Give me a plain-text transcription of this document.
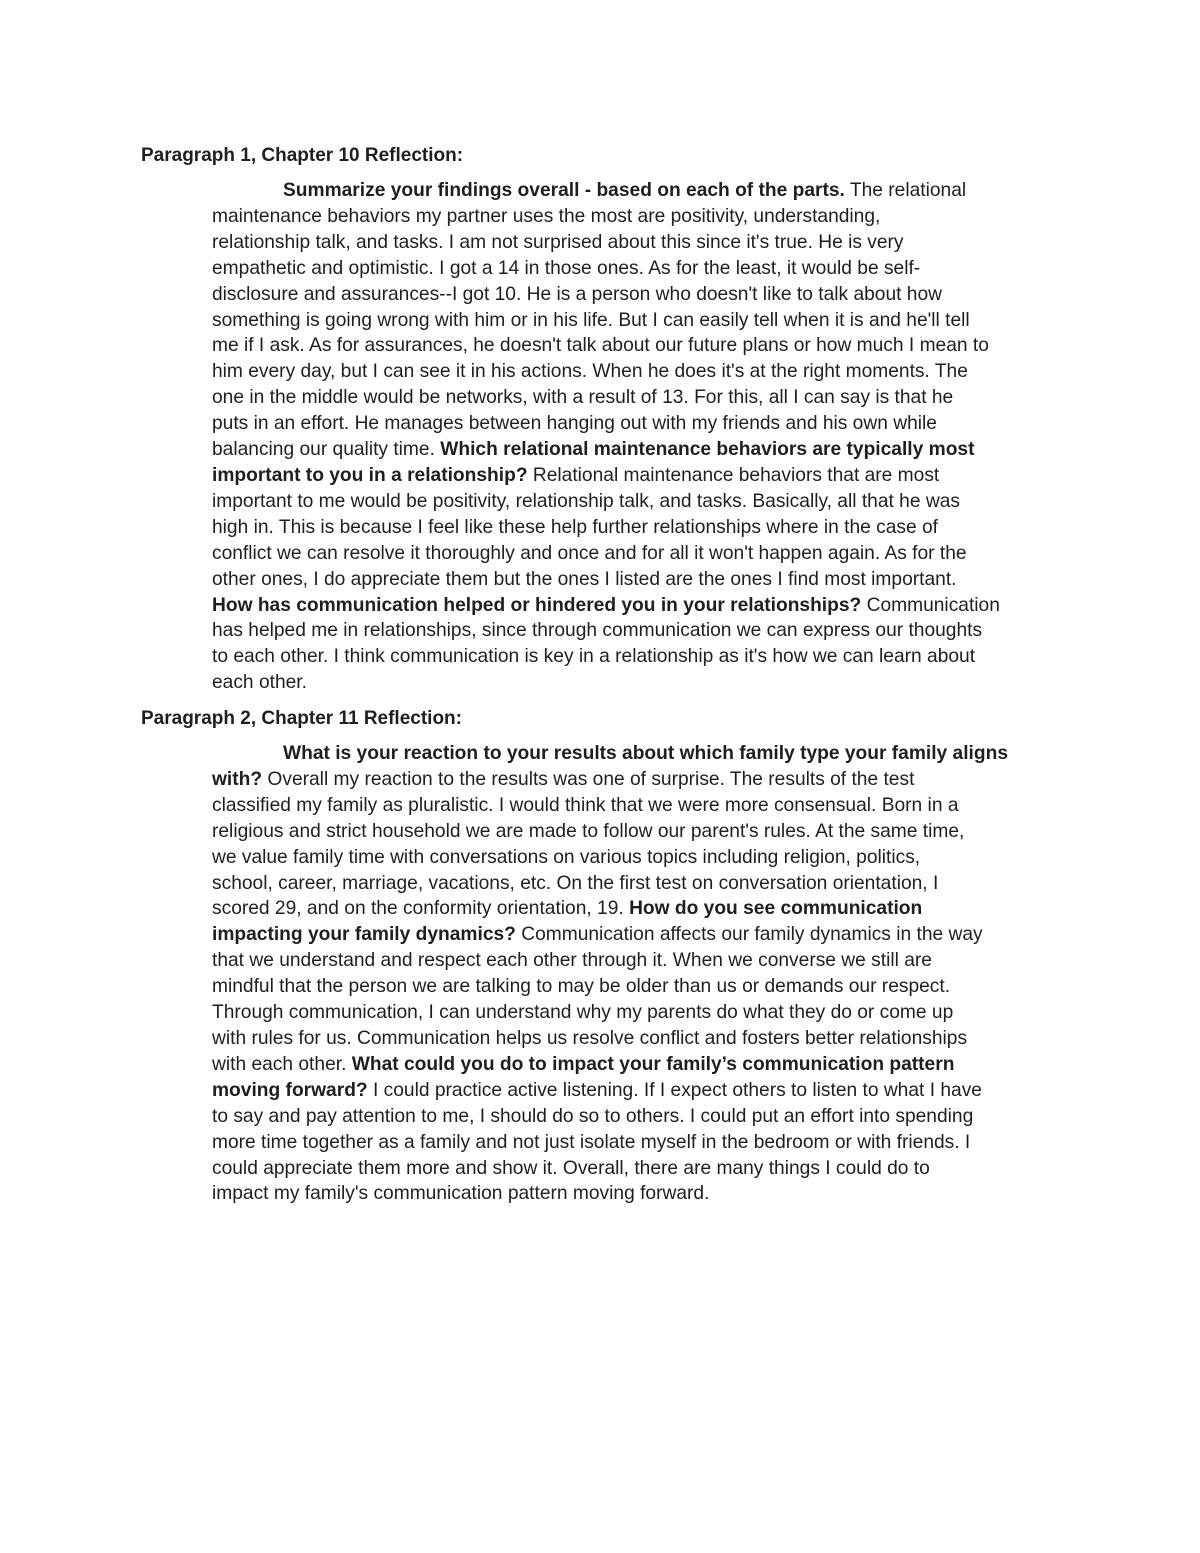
Paragraph 1, Chapter 10 Reflection:
Summarize your findings overall - based on each of the parts. The relational
maintenance behaviors my partner uses the most are positivity, understanding,
relationship talk, and tasks. I am not surprised about this since it's true. He is very
empathetic and optimistic. I got a 14 in those ones. As for the least, it would be self-
disclosure and assurances--I got 10. He is a person who doesn't like to talk about how
something is going wrong with him or in his life. But I can easily tell when it is and he'll tell
me if I ask. As for assurances, he doesn't talk about our future plans or how much I mean to
him every day, but I can see it in his actions. When he does it's at the right moments. The
one in the middle would be networks, with a result of 13. For this, all I can say is that he
puts in an effort. He manages between hanging out with my friends and his own while
balancing our quality time. Which relational maintenance behaviors are typically most
important to you in a relationship? Relational maintenance behaviors that are most
important to me would be positivity, relationship talk, and tasks. Basically, all that he was
high in. This is because I feel like these help further relationships where in the case of
conflict we can resolve it thoroughly and once and for all it won't happen again. As for the
other ones, I do appreciate them but the ones I listed are the ones I find most important.
How has communication helped or hindered you in your relationships? Communication
has helped me in relationships, since through communication we can express our thoughts
to each other. I think communication is key in a relationship as it's how we can learn about
each other.
Paragraph 2, Chapter 11 Reflection:
What is your reaction to your results about which family type your family aligns
with? Overall my reaction to the results was one of surprise. The results of the test
classified my family as pluralistic. I would think that we were more consensual. Born in a
religious and strict household we are made to follow our parent's rules. At the same time,
we value family time with conversations on various topics including religion, politics,
school, career, marriage, vacations, etc. On the first test on conversation orientation, I
scored 29, and on the conformity orientation, 19. How do you see communication
impacting your family dynamics? Communication affects our family dynamics in the way
that we understand and respect each other through it. When we converse we still are
mindful that the person we are talking to may be older than us or demands our respect.
Through communication, I can understand why my parents do what they do or come up
with rules for us. Communication helps us resolve conflict and fosters better relationships
with each other. What could you do to impact your family’s communication pattern
moving forward? I could practice active listening. If I expect others to listen to what I have
to say and pay attention to me, I should do so to others. I could put an effort into spending
more time together as a family and not just isolate myself in the bedroom or with friends. I
could appreciate them more and show it. Overall, there are many things I could do to
impact my family's communication pattern moving forward.
